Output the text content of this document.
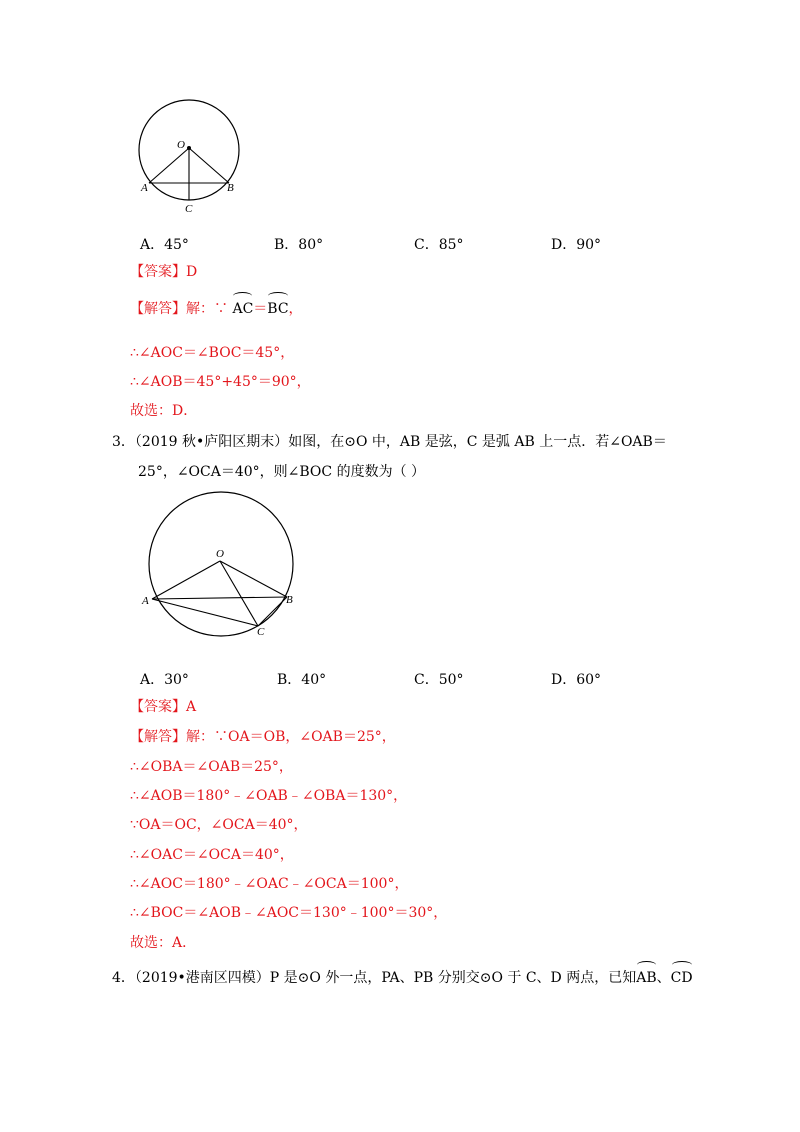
O
A	B
C
A．45°	B．80°	C．85°	D．90°
【答案】D
【解答】解：∵ AC＝BC，
∴∠AOC＝∠BOC＝45°，
∴∠AOB＝45°+45°＝90°，
故选：D．
3．（2019 秋•庐阳区期末）如图，在⊙O 中，AB 是弦，C 是弧 AB 上一点．若∠OAB＝
25°，∠OCA＝40°，则∠BOC 的度数为（ ）
O
A	B
C
A．30°	B．40°	C．50°	D．60°
【答案】A
【解答】解：∵OA＝OB，∠OAB＝25°，
∴∠OBA＝∠OAB＝25°，
∴∠AOB＝180°﹣∠OAB﹣∠OBA＝130°，
∵OA＝OC，∠OCA＝40°，
∴∠OAC＝∠OCA＝40°，
∴∠AOC＝180°﹣∠OAC﹣∠OCA＝100°，
∴∠BOC＝∠AOB﹣∠AOC＝130°﹣100°＝30°，
故选：A．
4．（2019•港南区四模）P 是⊙O 外一点，PA、PB 分别交⊙O 于 C、D 两点，已知AB、CD
